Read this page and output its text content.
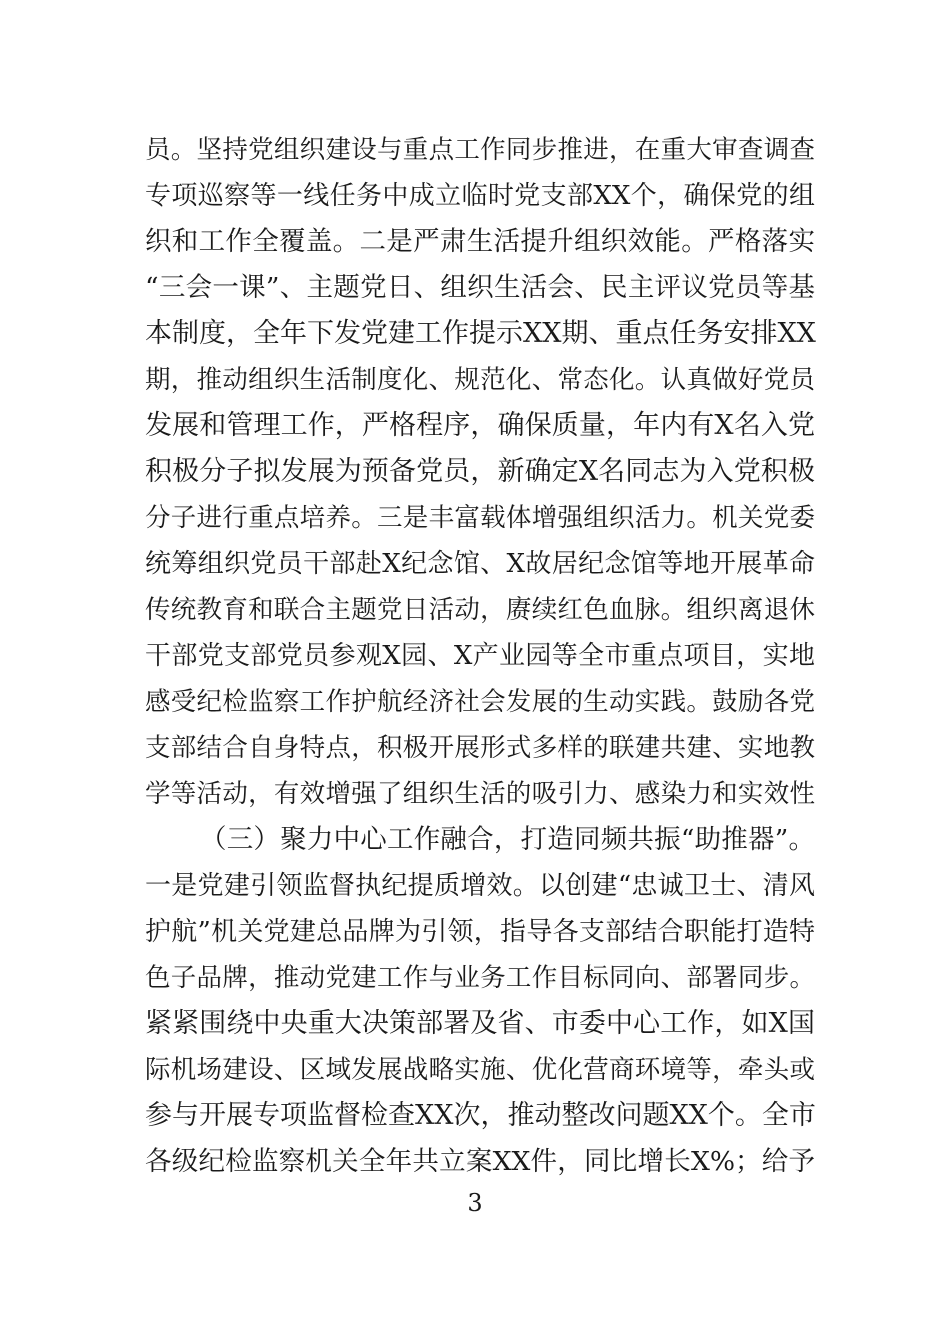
员。坚持党组织建设与重点工作同步推进，在重大审查调查
专项巡察等一线任务中成立临时党支部XX个，确保党的组
织和工作全覆盖。二是严肃生活提升组织效能。严格落实
“三会一课”、主题党日、组织生活会、民主评议党员等基
本制度，全年下发党建工作提示XX期、重点任务安排XX
期，推动组织生活制度化、规范化、常态化。认真做好党员
发展和管理工作，严格程序，确保质量，年内有X名入党
积极分子拟发展为预备党员，新确定X名同志为入党积极
分子进行重点培养。三是丰富载体增强组织活力。机关党委
统筹组织党员干部赴X纪念馆、X故居纪念馆等地开展革命
传统教育和联合主题党日活动，赓续红色血脉。组织离退休
干部党支部党员参观X园、X产业园等全市重点项目，实地
感受纪检监察工作护航经济社会发展的生动实践。鼓励各党
支部结合自身特点，积极开展形式多样的联建共建、实地教
学等活动，有效增强了组织生活的吸引力、感染力和实效性
（三）聚力中心工作融合，打造同频共振“助推器”。
一是党建引领监督执纪提质增效。以创建“忠诚卫士、清风
护航”机关党建总品牌为引领，指导各支部结合职能打造特
色子品牌，推动党建工作与业务工作目标同向、部署同步。
紧紧围绕中央重大决策部署及省、市委中心工作，如X国
际机场建设、区域发展战略实施、优化营商环境等，牵头或
参与开展专项监督检查XX次，推动整改问题XX个。全市
各级纪检监察机关全年共立案XX件，同比增长X%；给予
3
